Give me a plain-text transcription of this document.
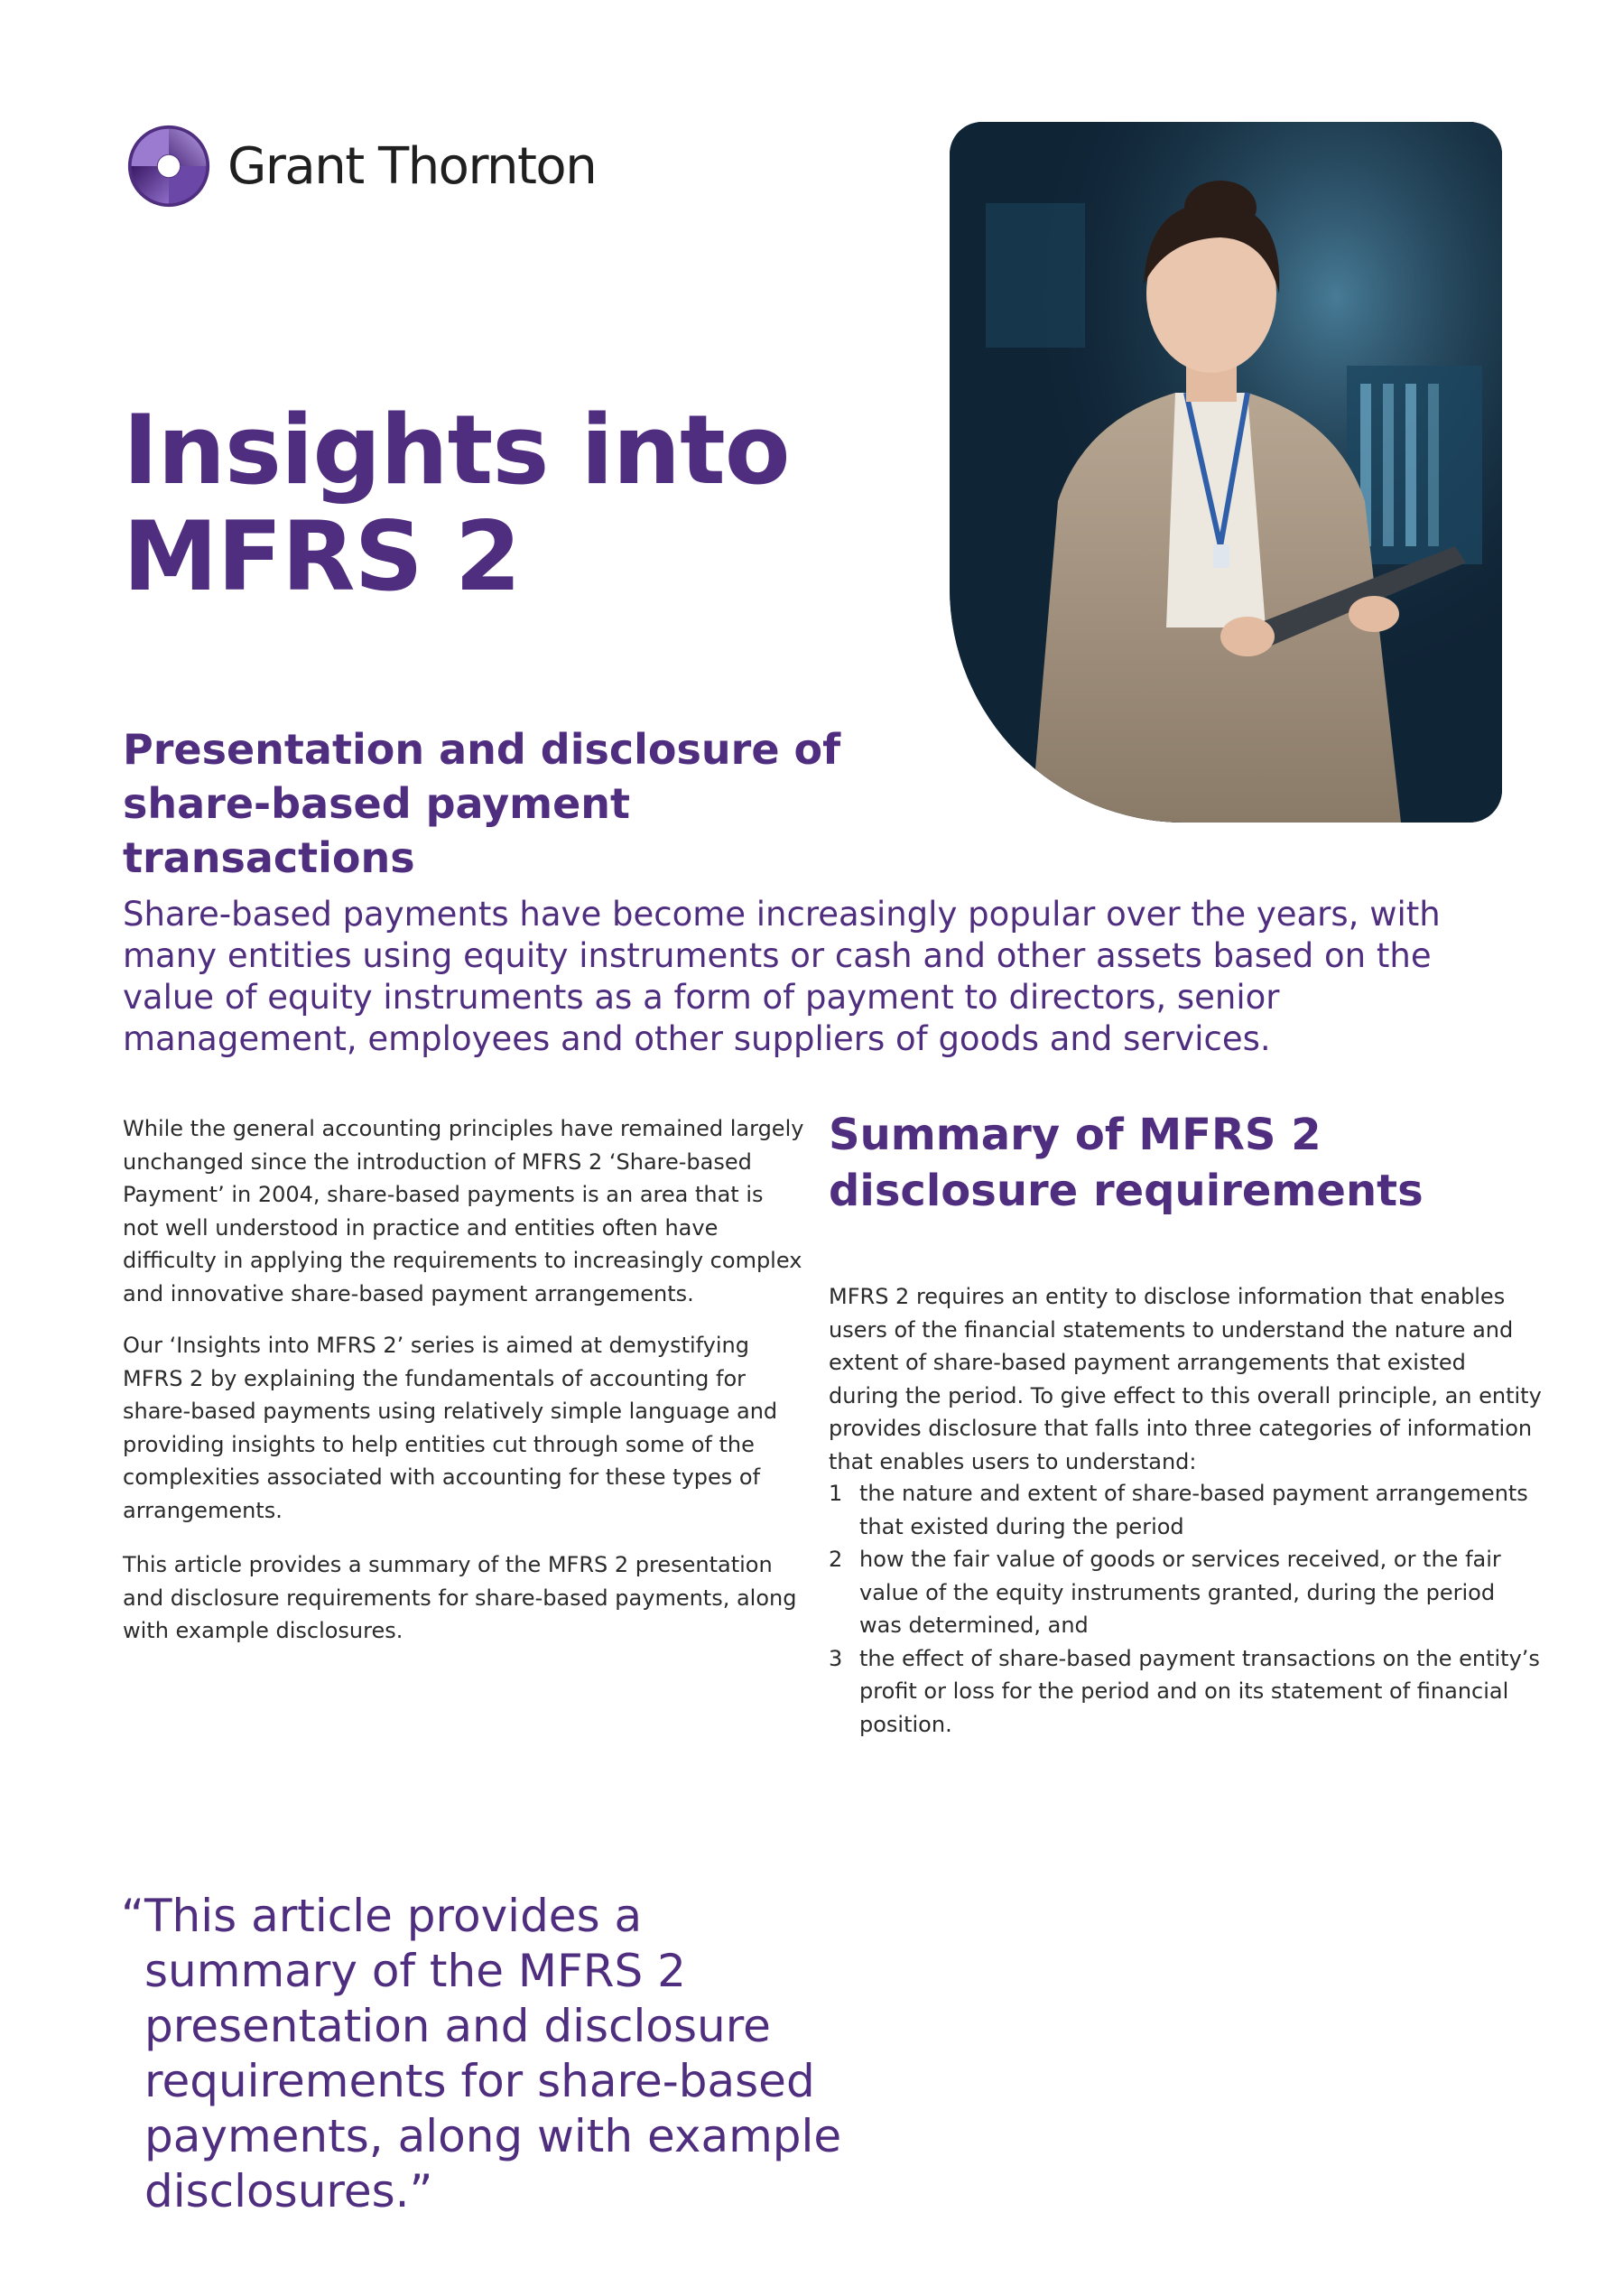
Grant Thornton
Insights into MFRS 2
Presentation and disclosure of share-based payment transactions

Share-based payments have become increasingly popular over the years, with many entities using equity instruments or cash and other assets based on the value of equity instruments as a form of payment to directors, senior management, employees and other suppliers of goods and services.

While the general accounting principles have remained largely unchanged since the introduction of MFRS 2 ‘Share-based Payment’ in 2004, share-based payments is an area that is not well understood in practice and entities often have difficulty in applying the requirements to increasingly complex and innovative share-based payment arrangements.

Our ‘Insights into MFRS 2’ series is aimed at demystifying MFRS 2 by explaining the fundamentals of accounting for share-based payments using relatively simple language and providing insights to help entities cut through some of the complexities associated with accounting for these types of arrangements.

This article provides a summary of the MFRS 2 presentation and disclosure requirements for share-based payments, along with example disclosures.

Summary of MFRS 2 disclosure requirements

MFRS 2 requires an entity to disclose information that enables users of the financial statements to understand the nature and extent of share-based payment arrangements that existed during the period. To give effect to this overall principle, an entity provides disclosure that falls into three categories of information that enables users to understand:

1 the nature and extent of share-based payment arrangements that existed during the period
2 how the fair value of goods or services received, or the fair value of the equity instruments granted, during the period was determined, and
3 the effect of share-based payment transactions on the entity’s profit or loss for the period and on its statement of financial position.
“ This article provides a summary of the MFRS 2 presentation and disclosure requirements for share-based payments, along with example disclosures.”
